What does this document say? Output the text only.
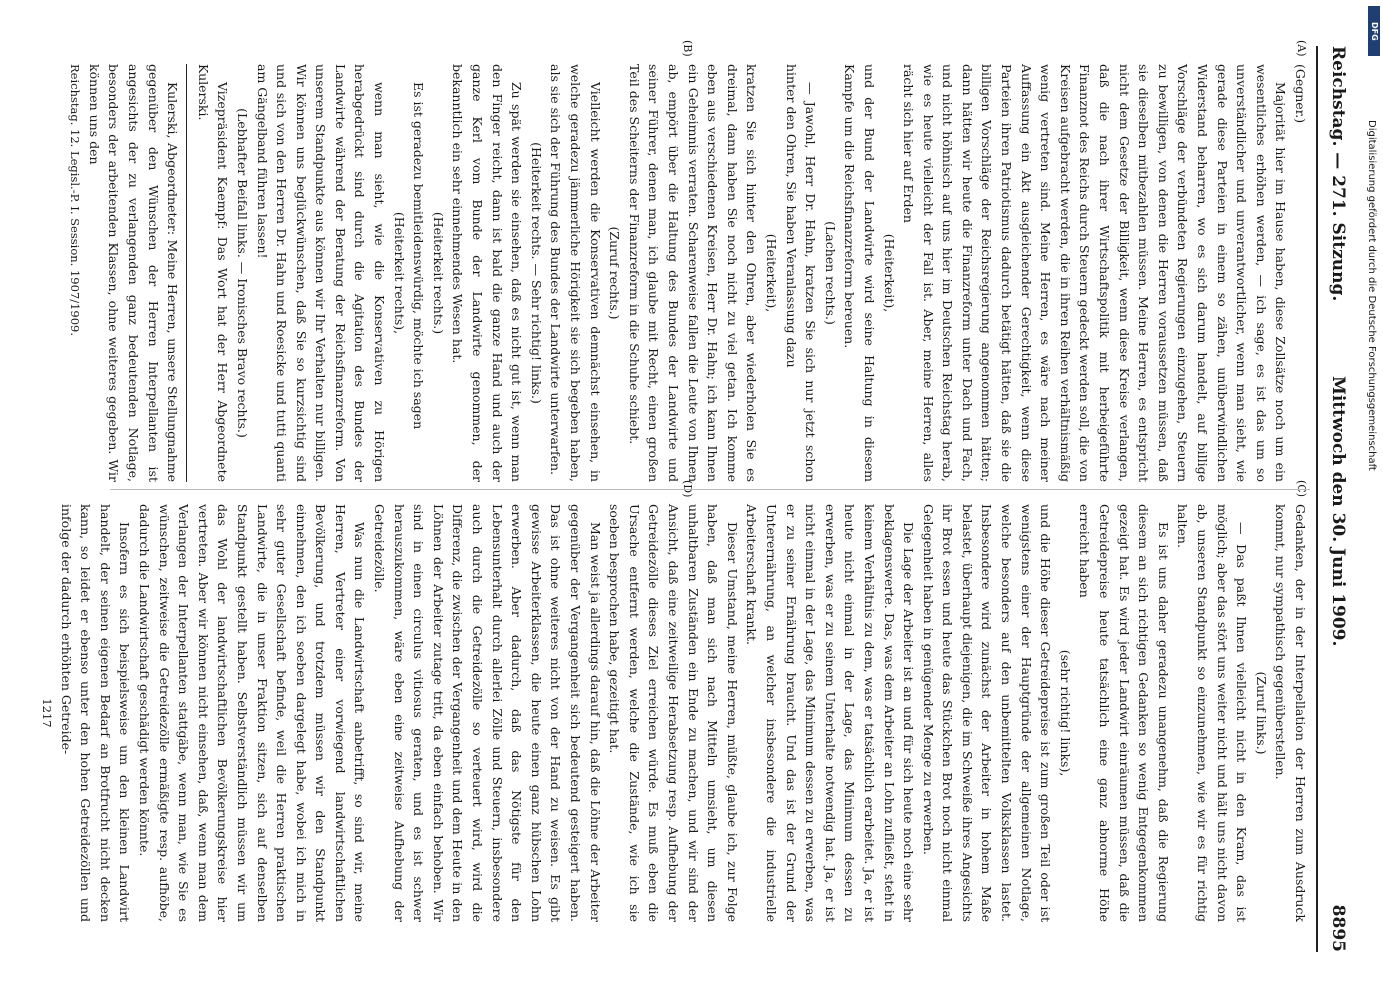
Reichstag. — 271. Sitzung.
Mittwoch den 30. Juni 1909.
8895
(A)
(B)
(C)
(D)

(Gegner.)

Majorität hier im Hause haben, diese Zollsätze noch um ein wesentliches erhöhen werden, — ich sage, es ist das um so unverständlicher und unverantwortlicher, wenn man sieht, wie gerade diese Parteien in einem so zähen, unüberwindlichen Widerstand beharren, wo es sich darum handelt, auf billige Vorschläge der verbündeten Regierungen einzugehen, Steuern zu bewilligen, von denen die Herren voraussetzen müssen, daß sie dieselben mitbezahlen müssen. Meine Herren, es entspricht nicht dem Gesetze der Billigkeit, wenn diese Kreise verlangen, daß die nach ihrer Wirtschaftspolitik mit herbeigeführte Finanznot des Reichs durch Steuern gedeckt werden soll, die von Kreisen aufgebracht werden, die in ihren Reihen verhältnismäßig wenig vertreten sind. Meine Herren, es wäre nach meiner Auffassung ein Akt ausgleichender Gerechtigkeit, wenn diese Parteien ihren Patriotismus dadurch betätigt hätten, daß sie die billigen Vorschläge der Reichsregierung angenommen hätten; dann hätten wir heute die Finanzreform unter Dach und Fach, und nicht höhnisch auf uns hier im Deutschen Reichstag herab, wie es heute vielleicht der Fall ist. Aber, meine Herren, alles rächt sich hier auf Erden

(Heiterkeit),

und der Bund der Landwirte wird seine Haltung in diesem Kampfe um die Reichsfinanzreform bereuen.

(Lachen rechts.)

— Jawohl, Herr Dr. Hahn, kratzen Sie sich nur jetzt schon hinter den Ohren, Sie haben Veranlassung dazu

(Heiterkeit),

kratzen Sie sich hinter den Ohren, aber wiederholen Sie es dreimal, dann haben Sie noch nicht zu viel getan. Ich komme eben aus verschiedenen Kreisen, Herr Dr. Hahn; ich kann Ihnen ein Geheimnis verraten. Scharenweise fallen die Leute von Ihnen ab, empört über die Haltung des Bundes der Landwirte und seiner Führer, denen man, ich glaube mit Recht, einen großen Teil des Scheiterns der Finanzreform in die Schuhe schiebt.

(Zuruf rechts.)

Vielleicht werden die Konservativen demnächst einsehen, in welche geradezu jämmerliche Hörigkeit sie sich begeben haben, als sie sich der Führung des Bundes der Landwirte unterwarfen.

(Heiterkeit rechts. — Sehr richtig! links.)

Zu spät werden sie einsehen, daß es nicht gut ist, wenn man den Finger reicht, dann ist bald die ganze Hand und auch der ganze Kerl vom Bunde der Landwirte genommen, der bekanntlich ein sehr einnehmendes Wesen hat.

(Heiterkeit rechts.)

Es ist geradezu bemitleidenswürdig, möchte ich sagen

(Heiterkeit rechts),

wenn man sieht, wie die Konservativen zu Hörigen herabgedrückt sind durch die Agitation des Bundes der Landwirte während der Beratung der Reichsfinanzreform. Von unserem Standpunkte aus können wir Ihr Verhalten nur billigen. Wir können uns beglückwünschen, daß Sie so kurzsichtig sind und sich von den Herren Dr. Hahn und Roesicke und tutti quanti am Gängelband führen lassen!

(Lebhafter Beifall links. — Ironisches Bravo rechts.)

Vizepräsident Kaempf: Das Wort hat der Herr Abgeordnete Kulerski.

Kulerski, Abgeordneter: Meine Herren, unsere Stellungnahme gegenüber den Wünschen der Herren Interpellanten ist angesichts der zu verlangenden ganz bedeutenden Notlage, besonders der arbeitenden Klassen, ohne weiteres gegeben. Wir können uns den

Reichstag. 12. Legisl.-P. I. Session. 1907/1909.

Gedanken, der in der Interpellation der Herren zum Ausdruck kommt, nur sympathisch gegenüberstellen.

(Zuruf links.)

— Das paßt Ihnen vielleicht nicht in den Kram, das ist möglich; aber das stört uns weiter nicht und hält uns nicht davon ab, unseren Standpunkt so einzunehmen, wie wir es für richtig halten.

Es ist uns daher geradezu unangenehm, daß die Regierung diesem an sich richtigen Gedanken so wenig Entgegenkommen gezeigt hat. Es wird jeder Landwirt einräumen müssen, daß die Getreidepreise heute tatsächlich eine ganz abnorme Höhe erreicht haben

(sehr richtig! links),

und die Höhe dieser Getreidepreise ist zum großen Teil oder ist wenigstens einer der Hauptgründe der allgemeinen Notlage, welche besonders auf den unbemittelten Volksklassen lastet. Insbesondere wird zunächst der Arbeiter in hohem Maße belastet, überhaupt diejenigen, die im Schweiße ihres Angesichts ihr Brot essen und heute das Stückchen Brot noch nicht einmal Gelegenheit haben in genügender Menge zu erwerben.

Die Lage der Arbeiter ist an und für sich heute noch eine sehr beklagenswerte. Das, was dem Arbeiter an Lohn zufließt, steht in keinem Verhältnis zu dem, was er tatsächlich erarbeitet. Ja, er ist heute nicht einmal in der Lage, das Minimum dessen zu erwerben, was er zu seinem Unterhalte notwendig hat. Ja, er ist nicht einmal in der Lage, das Minimum dessen zu erwerben, was er zu seiner Ernährung braucht. Und das ist der Grund der Unterernährung, an welcher insbesondere die industrielle Arbeiterschaft krankt.

Dieser Umstand, meine Herren, müßte, glaube ich, zur Folge haben, daß man sich nach Mitteln umsieht, um diesen unhaltbaren Zuständen ein Ende zu machen, und wir sind der Ansicht, daß eine zeitweilige Herabsetzung resp. Aufhebung der Getreidezölle dieses Ziel erreichen würde. Es muß eben die Ursache entfernt werden, welche die Zustände, wie ich sie soeben besprochen habe, gezeitigt hat.

Man weist ja allerdings darauf hin, daß die Löhne der Arbeiter gegenüber der Vergangenheit sich bedeutend gesteigert haben. Das ist ohne weiteres nicht von der Hand zu weisen. Es gibt gewisse Arbeiterklassen, die heute einen ganz hübschen Lohn erwerben. Aber dadurch, daß das Nötigste für den Lebensunterhalt durch allerlei Zölle und Steuern, insbesondere auch durch die Getreidezölle so verteuert wird, wird die Differenz, die zwischen der Vergangenheit und dem Heute in den Löhnen der Arbeiter zutage tritt, da eben einfach behoben. Wir sind in einen circulus vitiosus geraten, und es ist schwer herauszukommen, wäre eben eine zeitweise Aufhebung der Getreidezölle.

Was nun die Landwirtschaft anbetrifft, so sind wir, meine Herren, Vertreter einer vorwiegend landwirtschaftlichen Bevölkerung, und trotzdem müssen wir den Standpunkt einnehmen, den ich soeben dargelegt habe, wobei ich mich in sehr guter Gesellschaft befinde, weil die Herren praktischen Landwirte, die in unser Fraktion sitzen, sich auf denselben Standpunkt gestellt haben. Selbstverständlich müssen wir um das Wohl der landwirtschaftlichen Bevölkerungskreise hier vertreten. Aber wir können nicht einsehen, daß, wenn man dem Verlangen der Interpellanten stattgäbe, wenn man, wie Sie es wünschen, zeitweise die Getreidezölle ermäßigte resp. aufhöbe, dadurch die Landwirtschaft geschädigt werden könnte.

Insofern es sich beispielsweise um den kleinen Landwirt handelt, der seinen eigenen Bedarf an Brotfrucht nicht decken kann, so leidet er ebenso unter den hohen Getreidezöllen und infolge der dadurch erhöhten Getreide-

1217

DFG
Digitalisierung gefördert durch die Deutsche Forschungsgemeinschaft
